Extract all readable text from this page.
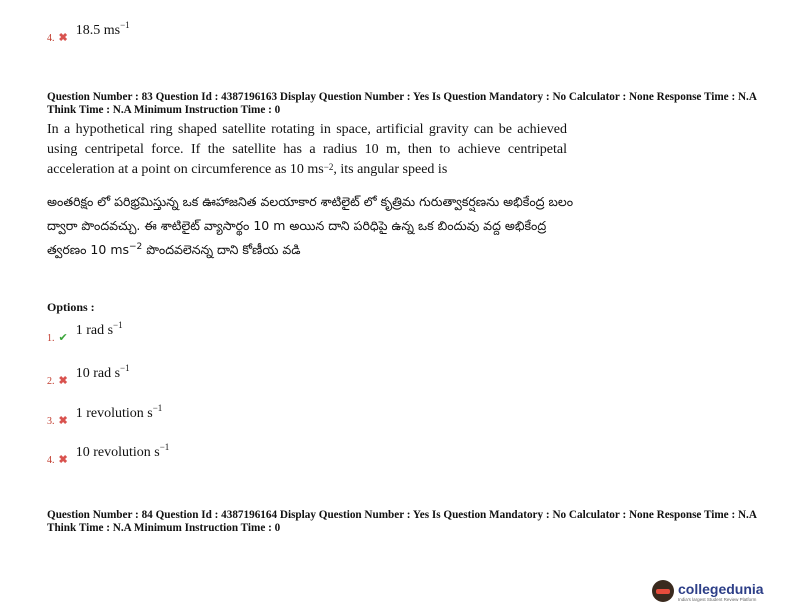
4. ✖ 18.5 $ms^{-1}$
Question Number : 83 Question Id : 4387196163 Display Question Number : Yes Is Question Mandatory : No Calculator : None Response Time : N.A Think Time : N.A Minimum Instruction Time : 0
In a hypothetical ring shaped satellite rotating in space, artificial gravity can be achieved using centripetal force. If the satellite has a radius 10 m, then to achieve centripetal acceleration at a point on circumference as 10 $ms^{-2}$, its angular speed is
అంతరిక్షం లో పరిభ్రమిస్తున్న ఒక ఊహాజనిత వలయాకార శాటిలైట్ లో కృత్రిమ గురుత్వాకర్షణను అభికేంద్ర బలం ద్వారా పొందవచ్చు. ఈ శాటిలైట్ వ్యాసార్థం 10 m అయిన దాని పరిధిపై ఉన్న ఒక బిందువు వద్ద అభికేంద్ర త్వరణం 10 $ms^{-2}$ పొందవలెనన్న దాని కోణీయ వడి
Options :
1. ✔ 1 rad $s^{-1}$
2. ✖ 10 rad $s^{-1}$
3. ✖ 1 revolution $s^{-1}$
4. ✖ 10 revolution $s^{-1}$
Question Number : 84 Question Id : 4387196164 Display Question Number : Yes Is Question Mandatory : No Calculator : None Response Time : N.A Think Time : N.A Minimum Instruction Time : 0
collegedunia
India's largest Student Review Platform
